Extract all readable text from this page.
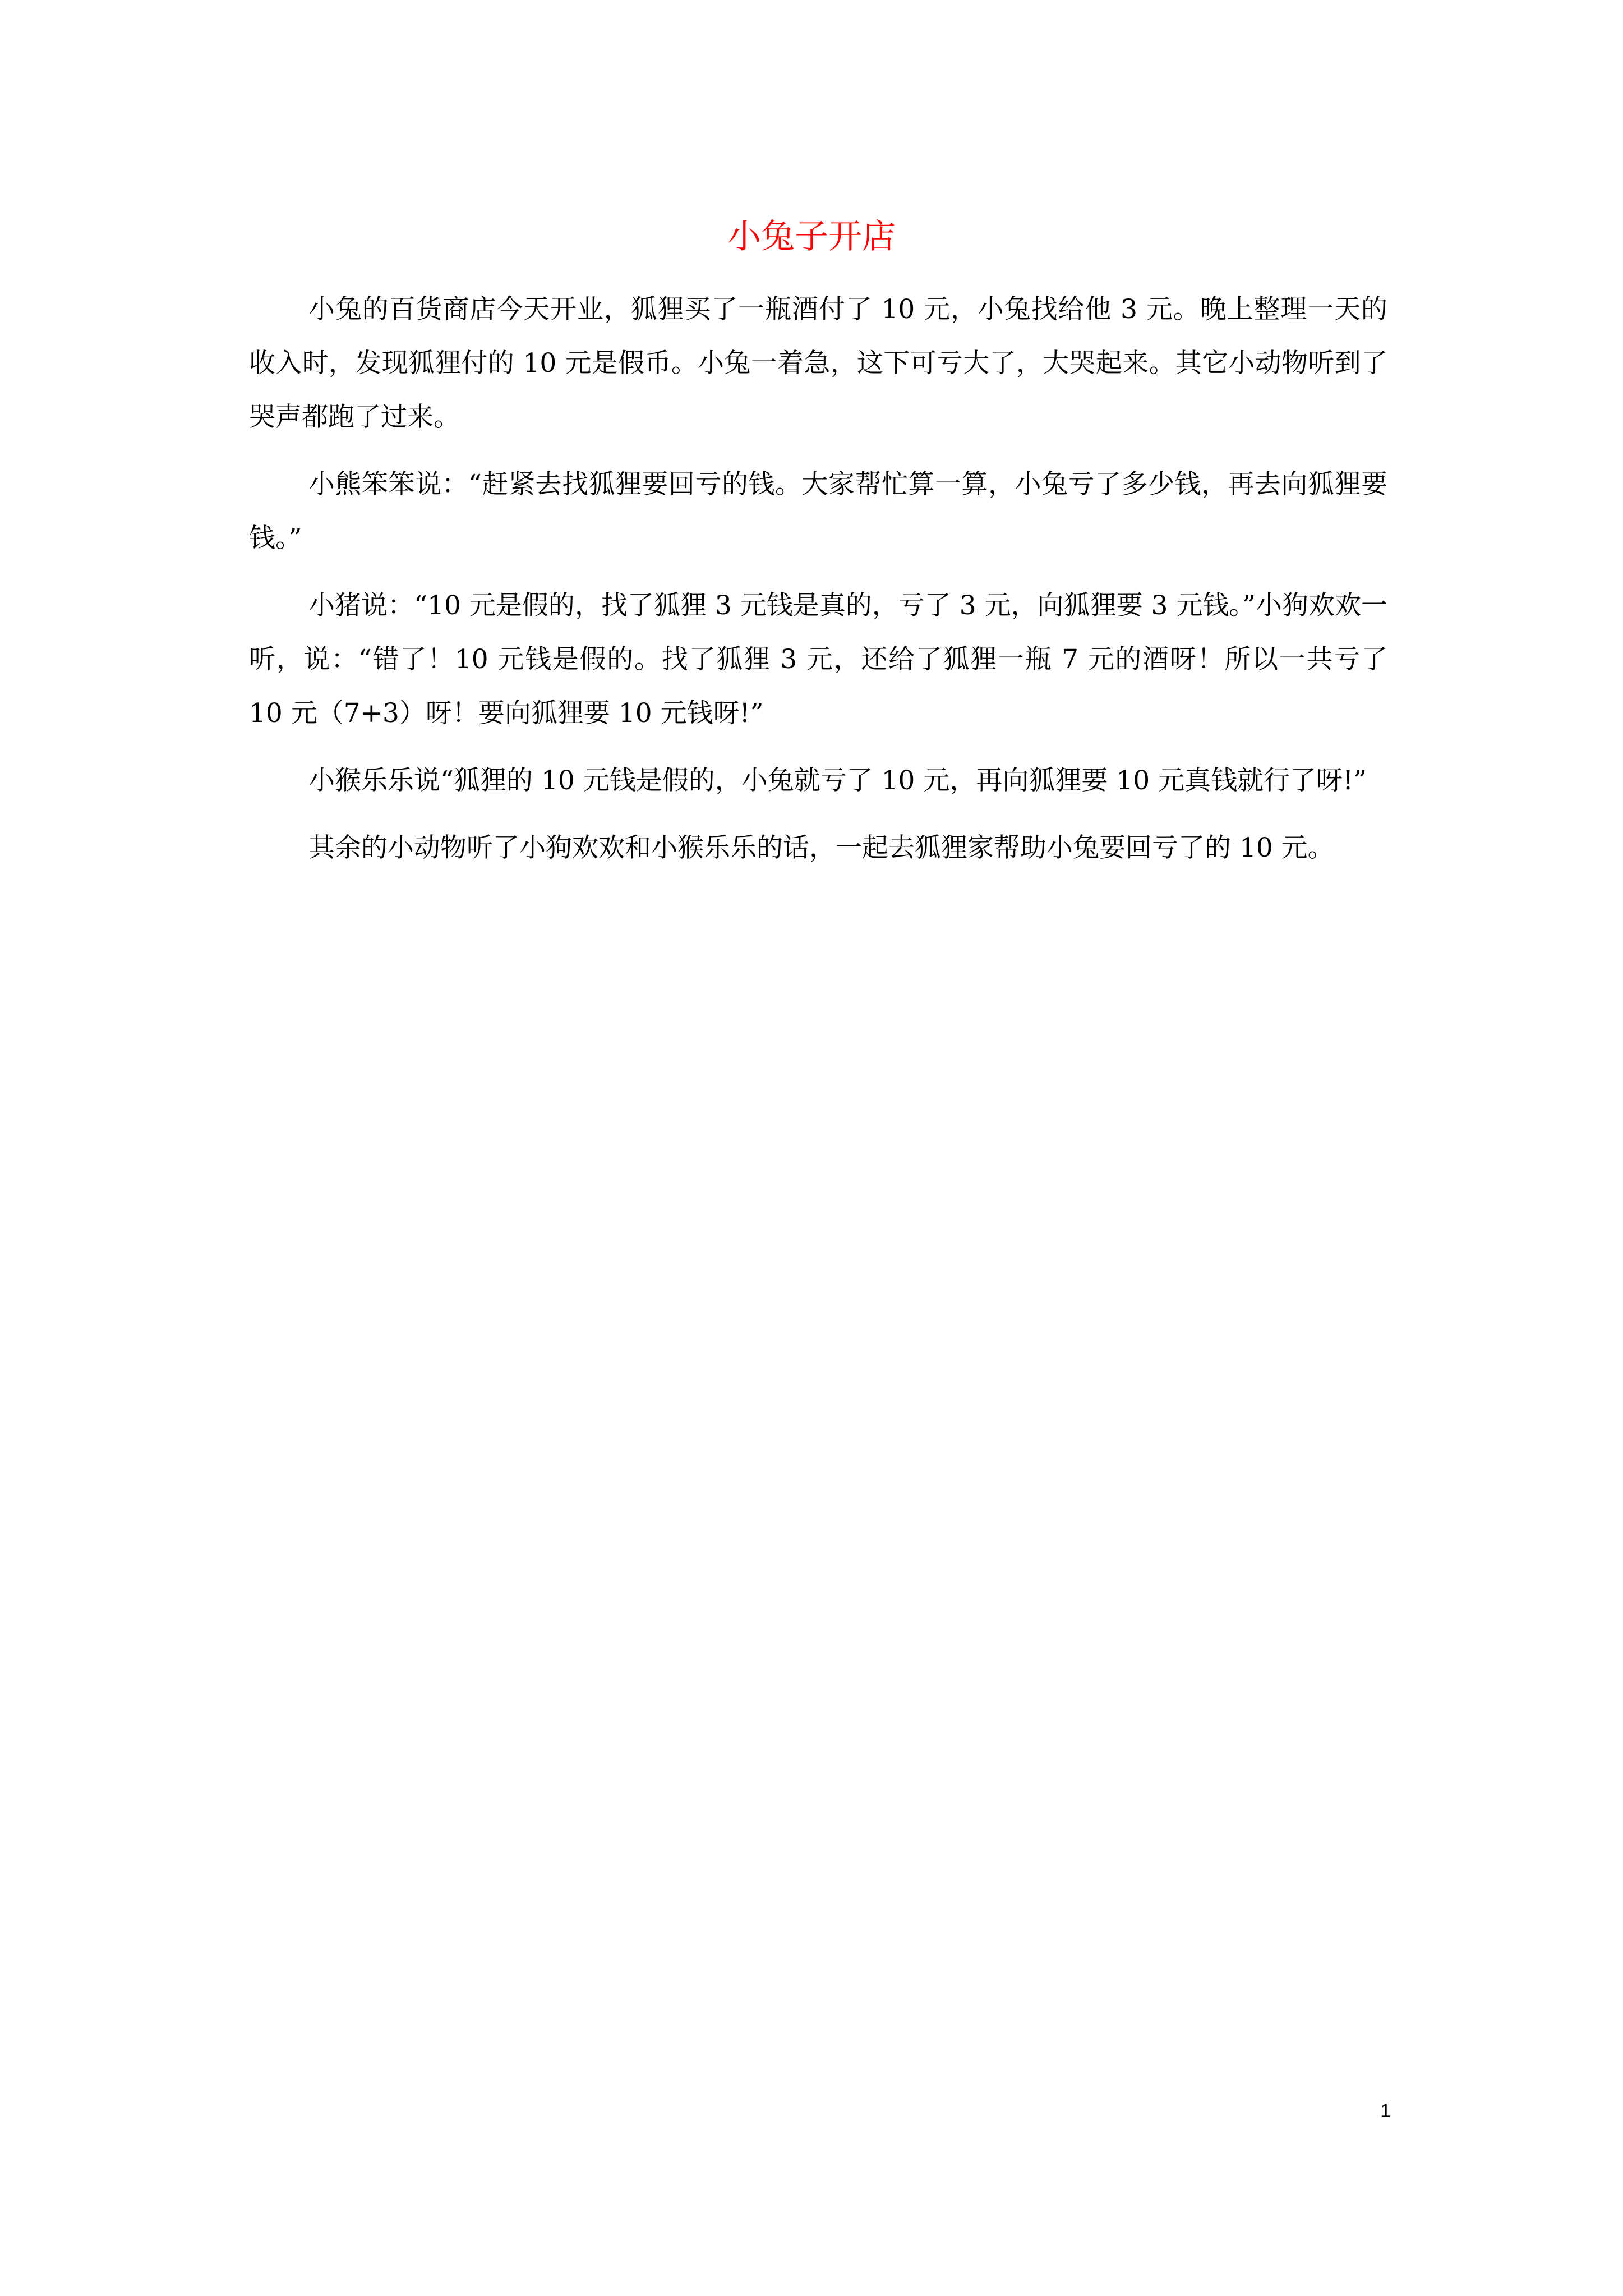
小兔子开店

小兔的百货商店今天开业，狐狸买了一瓶酒付了 10 元，小兔找给他 3 元。晚上整理一天的收入时，发现狐狸付的 10 元是假币。小兔一着急，这下可亏大了，大哭起来。其它小动物听到了哭声都跑了过来。

小熊笨笨说：“赶紧去找狐狸要回亏的钱。大家帮忙算一算，小兔亏了多少钱，再去向狐狸要钱。”

小猪说：“10 元是假的，找了狐狸 3 元钱是真的，亏了 3 元，向狐狸要 3 元钱。”小狗欢欢一听，说：“错了！10 元钱是假的。找了狐狸 3 元，还给了狐狸一瓶 7 元的酒呀！所以一共亏了 10 元（7+3）呀！要向狐狸要 10 元钱呀!”

小猴乐乐说“狐狸的 10 元钱是假的，小兔就亏了 10 元，再向狐狸要 10 元真钱就行了呀!”

其余的小动物听了小狗欢欢和小猴乐乐的话，一起去狐狸家帮助小兔要回亏了的 10 元。

1
